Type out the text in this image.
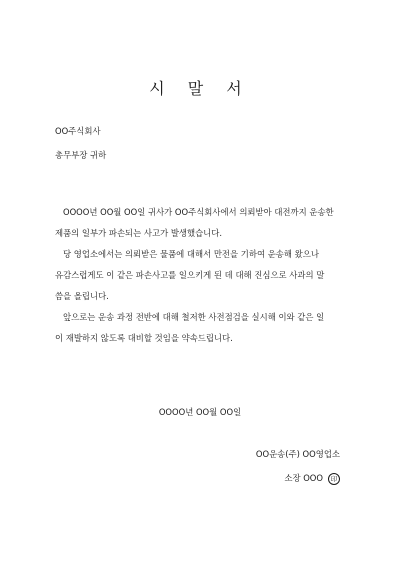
시 말 서
OO주식회사
총무부장 귀하
OOOO년 OO월 OO일 귀사가 OO주식회사에서 의뢰받아 대전까지 운송한
제품의 일부가 파손되는 사고가 발생했습니다.
당 영업소에서는 의뢰받은 물품에 대해서 만전을 기하여 운송해 왔으나
유감스럽게도 이 같은 파손사고를 일으키게 된 데 대해 진심으로 사과의 말
씀을 올립니다.
앞으로는 운송 과정 전반에 대해 철저한 사전점검을 실시해 이와 같은 일
이 재발하지 않도록 대비할 것임을 약속드립니다.
OOOO년 OO월 OO일
OO운송(주) OO영업소
소장 OOO 印
